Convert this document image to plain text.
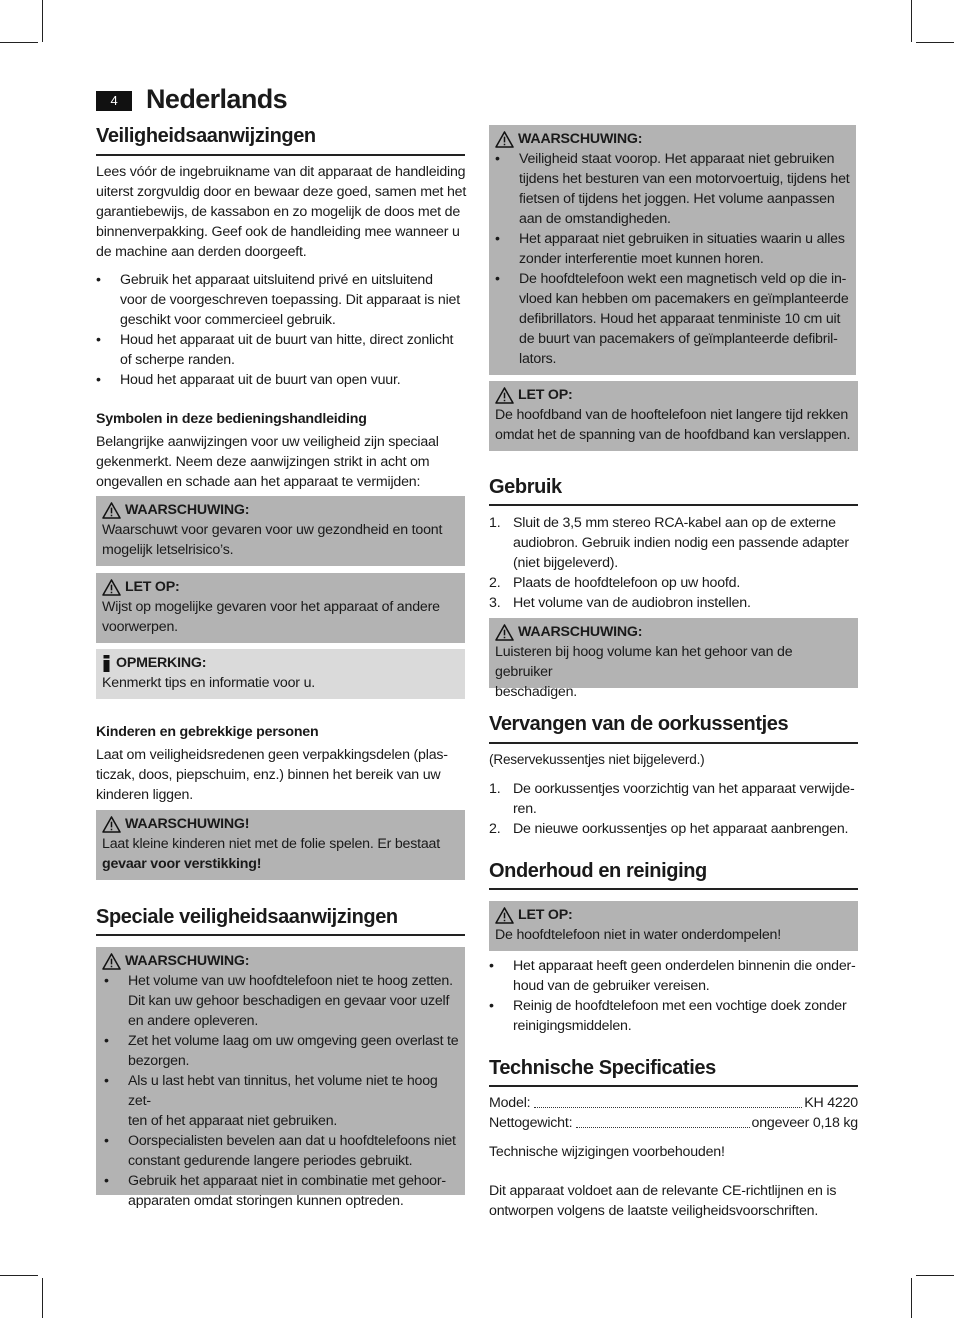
4	Nederlands
Veiligheidsaanwijzingen

Lees vóór de ingebruikname van dit apparaat de handleiding
uiterst zorgvuldig door en bewaar deze goed, samen met het
garantiebewijs, de kassabon en zo mogelijk de doos met de
binnenverpakking. Geef ook de handleiding mee wanneer u
de machine aan derden doorgeeft.

• Gebruik het apparaat uitsluitend privé en uitsluitend
voor de voorgeschreven toepassing. Dit apparaat is niet
geschikt voor commercieel gebruik.
• Houd het apparaat uit de buurt van hitte, direct zonlicht
of scherpe randen.
• Houd het apparaat uit de buurt van open vuur.
Symbolen in deze bedieningshandleiding

Belangrijke aanwijzingen voor uw veiligheid zijn speciaal
gekenmerkt. Neem deze aanwijzingen strikt in acht om
ongevallen en schade aan het apparaat te vermijden:

WAARSCHUWING:
Waarschuwt voor gevaren voor uw gezondheid en toont
mogelijk letselrisico’s.
LET OP:
Wijst op mogelijke gevaren voor het apparaat of andere
voorwerpen.
OPMERKING:
Kenmerkt tips en informatie voor u.
Kinderen en gebrekkige personen

Laat om veiligheidsredenen geen verpakkingsdelen (plas-
ticzak, doos, piepschuim, enz.) binnen het bereik van uw
kinderen liggen.

WAARSCHUWING!
Laat kleine kinderen niet met de folie spelen. Er bestaat
gevaar voor verstikking!
Speciale veiligheidsaanwijzingen
WAARSCHUWING:
• Het volume van uw hoofdtelefoon niet te hoog zetten.
Dit kan uw gehoor beschadigen en gevaar voor uzelf
en andere opleveren.
• Zet het volume laag om uw omgeving geen overlast te
bezorgen.
• Als u last hebt van tinnitus, het volume niet te hoog zet-
ten of het apparaat niet gebruiken.
• Oorspecialisten bevelen aan dat u hoofdtelefoons niet
constant gedurende langere periodes gebruikt.
• Gebruik het apparaat niet in combinatie met gehoor-
apparaten omdat storingen kunnen optreden.
WAARSCHUWING:
• Veiligheid staat voorop. Het apparaat niet gebruiken
tijdens het besturen van een motorvoertuig, tijdens het
fietsen of tijdens het joggen. Het volume aanpassen
aan de omstandigheden.
• Het apparaat niet gebruiken in situaties waarin u alles
zonder interferentie moet kunnen horen.
• De hoofdtelefoon wekt een magnetisch veld op die in-
vloed kan hebben om pacemakers en geïmplanteerde
defibrillators. Houd het apparaat tenministe 10 cm uit
de buurt van pacemakers of geïmplanteerde defibril-
lators.
LET OP:
De hoofdband van de hooftelefoon niet langere tijd rekken
omdat het de spanning van de hoofdband kan verslappen.
Gebruik
1. Sluit de 3,5 mm stereo RCA-kabel aan op de externe
audiobron. Gebruik indien nodig een passende adapter
(niet bijgeleverd).
2. Plaats de hoofdtelefoon op uw hoofd.
3. Het volume van de audiobron instellen.
WAARSCHUWING:
Luisteren bij hoog volume kan het gehoor van de gebruiker
beschadigen.
Vervangen van de oorkussentjes

(Reservekussentjes niet bijgeleverd.)

1. De oorkussentjes voorzichtig van het apparaat verwijde-
ren.
2. De nieuwe oorkussentjes op het apparaat aanbrengen.
Onderhoud en reiniging
LET OP:
De hoofdtelefoon niet in water onderdompelen!
• Het apparaat heeft geen onderdelen binnenin die onder-
houd van de gebruiker vereisen.
• Reinig de hoofdtelefoon met een vochtige doek zonder
reinigingsmiddelen.
Technische Specificaties
Model:	KH 4220
Nettogewicht:	ongeveer 0,18 kg

Technische wijzigingen voorbehouden!

Dit apparaat voldoet aan de relevante CE-richtlijnen en is
ontworpen volgens de laatste veiligheidsvoorschriften.
